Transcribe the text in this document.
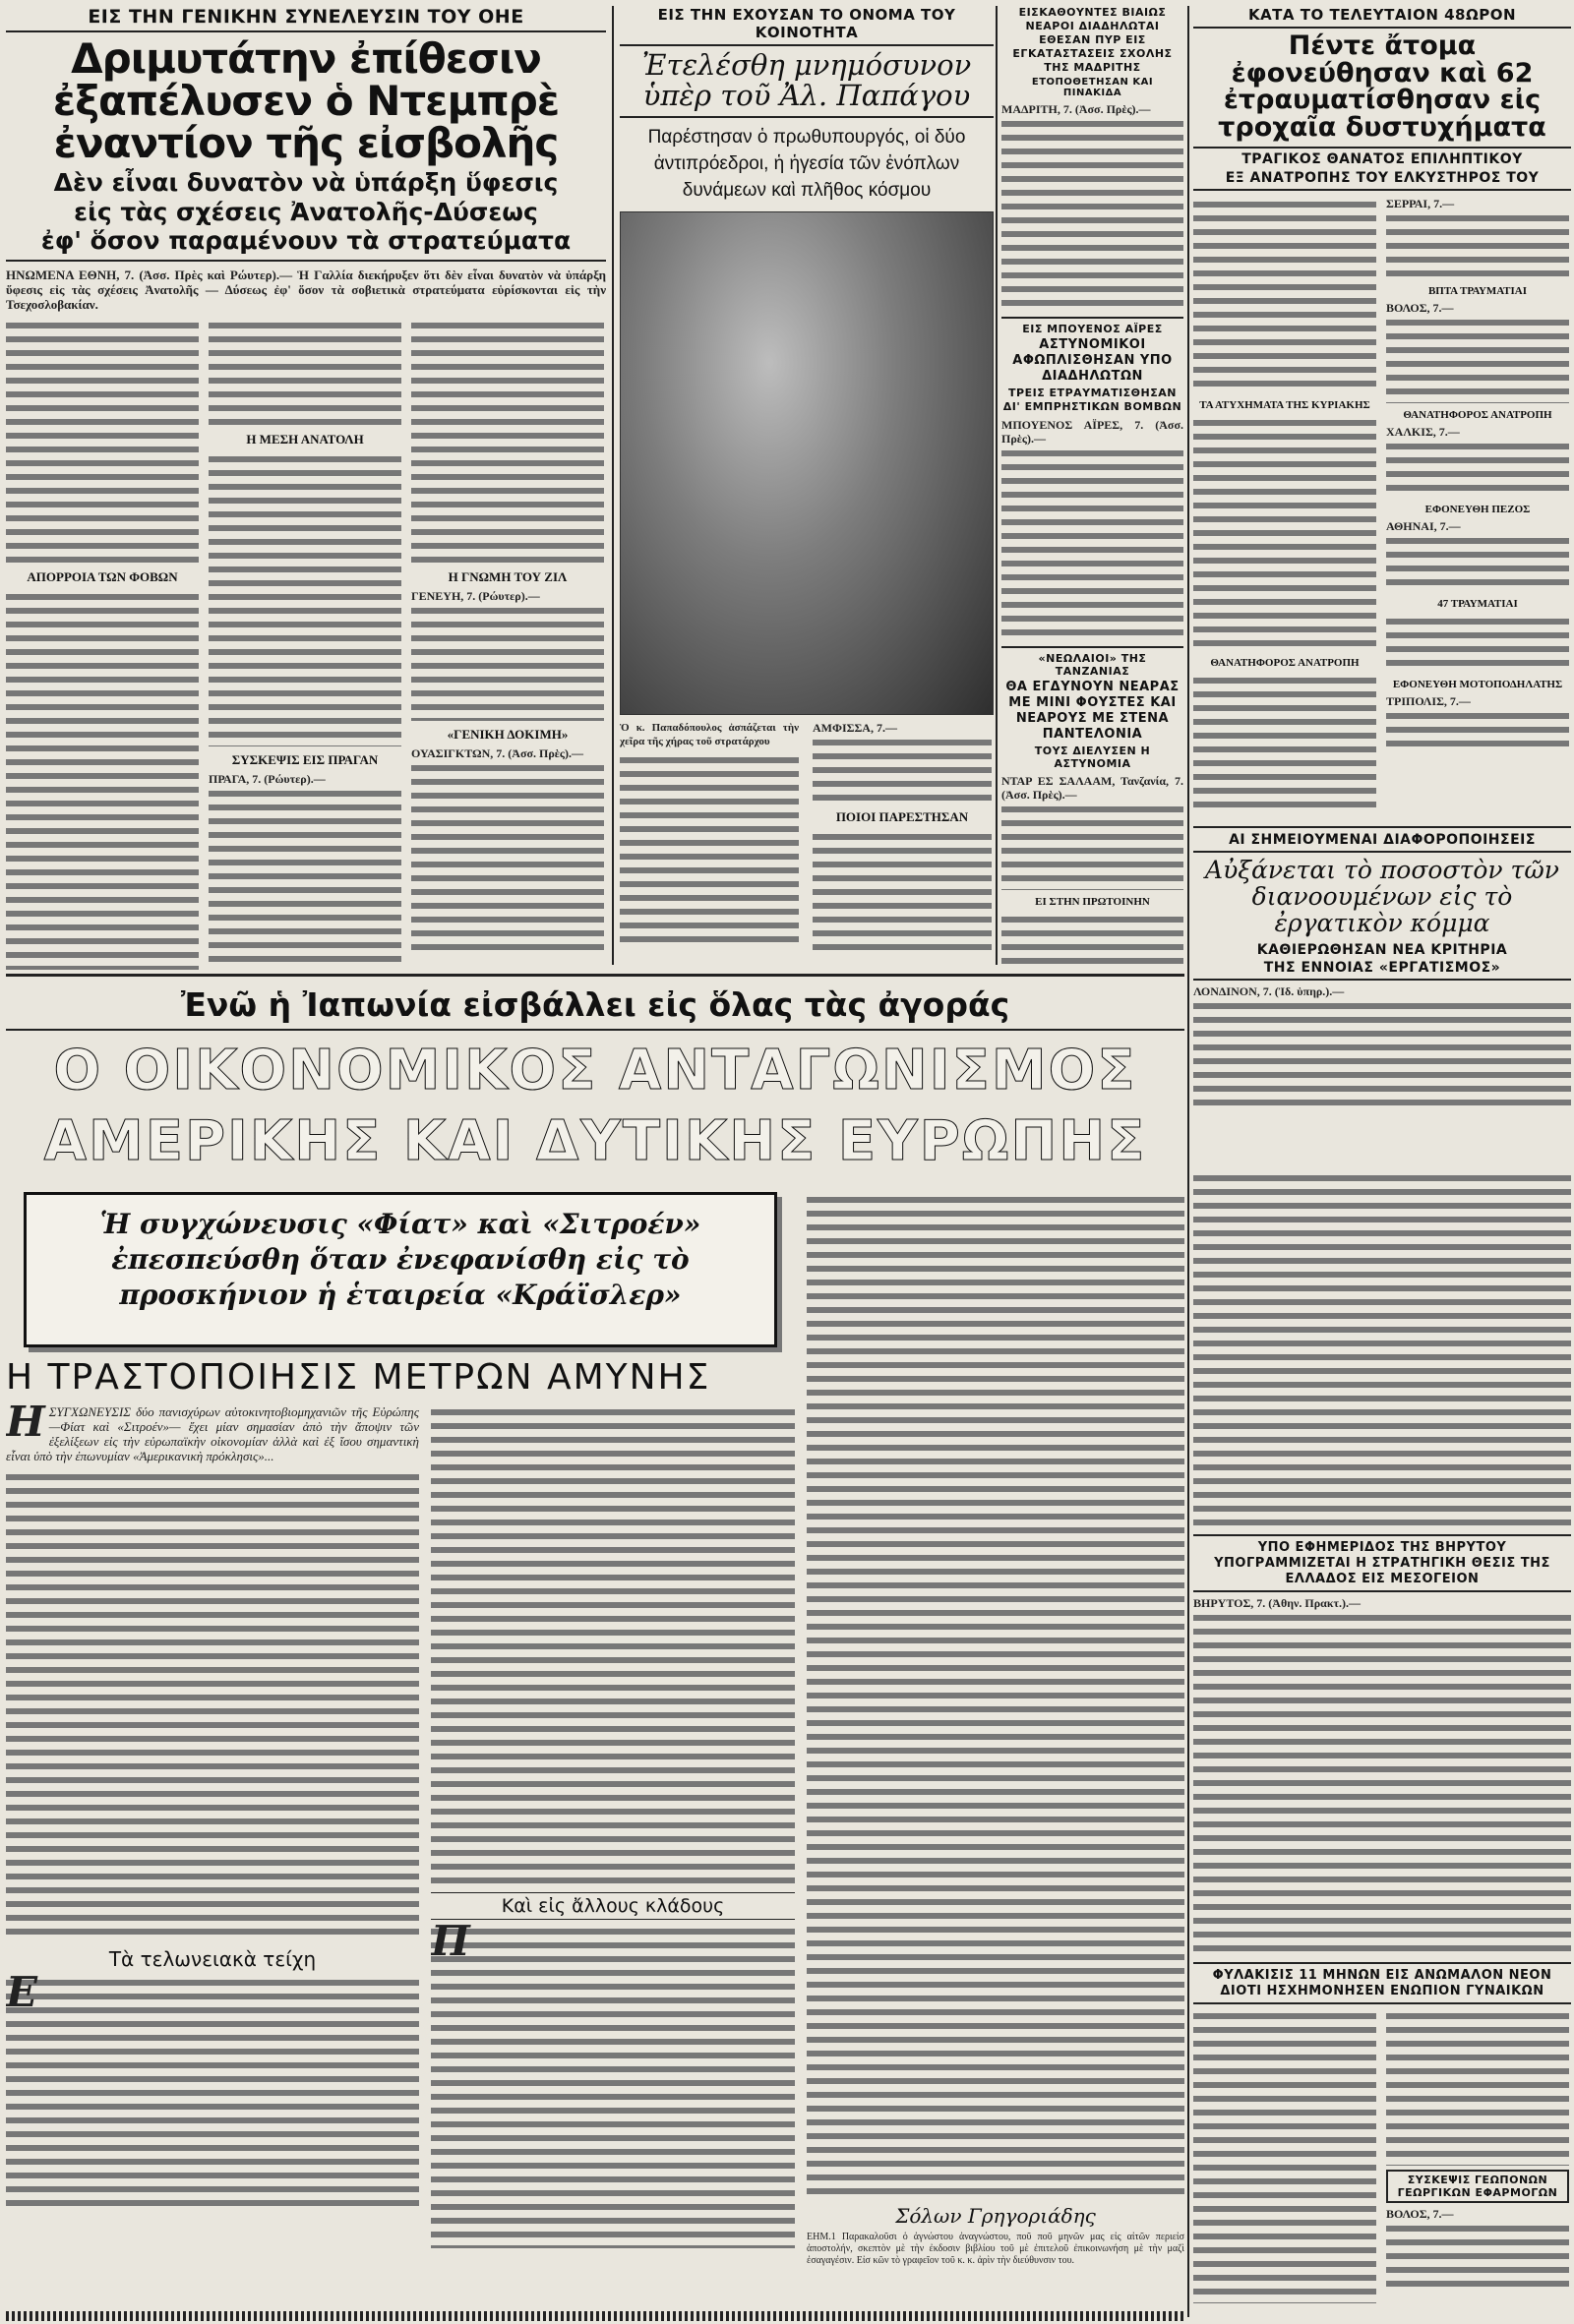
ΕΙΣ ΤΗΝ ΓΕΝΙΚΗΝ ΣΥΝΕΛΕΥΣΙΝ ΤΟΥ ΟΗΕ
Δριμυτάτην ἐπίθεσιν ἐξαπέλυσεν ὁ Ντεμπρὲ ἐναντίον τῆς εἰσβολῆς
Δὲν εἶναι δυνατὸν νὰ ὑπάρξη ὕφεσις
εἰς τὰς σχέσεις Ἀνατολῆς-Δύσεως
ἐφ' ὅσον παραμένουν τὰ στρατεύματα
ΗΝΩΜΕΝΑ ΕΘΝΗ, 7. (Ἀσσ. Πρὲς καὶ Ρώυτερ).— Ἡ Γαλλία διεκήρυξεν ὅτι δὲν εἶναι δυνατὸν νὰ ὑπάρξη ὕφεσις εἰς τὰς σχέσεις Ἀνατολῆς — Δύσεως ἐφ' ὅσον τὰ σοβιετικὰ στρατεύματα εὑρίσκονται εἰς τὴν Τσεχοσλοβακίαν.
ΑΠΟΡΡΟΙΑ ΤΩΝ ΦΟΒΩΝ
Η ΜΕΣΗ ΑΝΑΤΟΛΗ
ΣΥΣΚΕΨΙΣ ΕΙΣ ΠΡΑΓΑΝ
ΠΡΑΓΑ, 7. (Ρώυτερ).—
Η ΓΝΩΜΗ ΤΟΥ ΖΙΛ
ΓΕΝΕΥΗ, 7. (Ρώυτερ).—
«ΓΕΝΙΚΗ ΔΟΚΙΜΗ»
ΟΥΑΣΙΓΚΤΩΝ, 7. (Ἀσσ. Πρὲς).—
ΕΙΣ ΤΗΝ ΕΧΟΥΣΑΝ ΤΟ ΟΝΟΜΑ ΤΟΥ ΚΟΙΝΟΤΗΤΑ
Ἐτελέσθη μνημόσυνον ὑπὲρ τοῦ Ἀλ. Παπάγου
Παρέστησαν ὁ πρωθυπουργός, οἱ δύο ἀντιπρόεδροι, ἡ ἡγεσία τῶν ἐνόπλων δυνάμεων καὶ πλῆθος κόσμου
Ὁ κ. Παπαδόπουλος ἀσπάζεται τὴν χεῖρα τῆς χήρας τοῦ στρατάρχου
ΑΜΦΙΣΣΑ, 7.—
ΠΟΙΟΙ ΠΑΡΕΣΤΗΣΑΝ
ΕΙΣΚΑΘΟΥΝΤΕΣ ΒΙΑΙΩΣ ΝΕΑΡΟΙ ΔΙΑΔΗΛΩΤΑΙ ΕΘΕΣΑΝ ΠΥΡ ΕΙΣ ΕΓΚΑΤΑΣΤΑΣΕΙΣ ΣΧΟΛΗΣ ΤΗΣ ΜΑΔΡΙΤΗΣ
ΕΤΟΠΟΘΕΤΗΣΑΝ ΚΑΙ ΠΙΝΑΚΙΔΑ
ΜΑΔΡΙΤΗ, 7. (Ἀσσ. Πρὲς).—
ΕΙΣ ΜΠΟΥΕΝΟΣ ΑΪΡΕΣ
ΑΣΤΥΝΟΜΙΚΟΙ ΑΦΩΠΛΙΣΘΗΣΑΝ ΥΠΟ ΔΙΑΔΗΛΩΤΩΝ
ΤΡΕΙΣ ΕΤΡΑΥΜΑΤΙΣΘΗΣΑΝ ΔΙ' ΕΜΠΡΗΣΤΙΚΩΝ ΒΟΜΒΩΝ
ΜΠΟΥΕΝΟΣ ΑΪΡΕΣ, 7. (Ἀσσ. Πρὲς).—
«ΝΕΩΛΑΙΟΙ» ΤΗΣ ΤΑΝΖΑΝΙΑΣ
ΘΑ ΕΓΔΥΝΟΥΝ ΝΕΑΡΑΣ ΜΕ ΜΙΝΙ ΦΟΥΣΤΕΣ ΚΑΙ ΝΕΑΡΟΥΣ ΜΕ ΣΤΕΝΑ ΠΑΝΤΕΛΟΝΙΑ
ΤΟΥΣ ΔΙΕΛΥΣΕΝ Η ΑΣΤΥΝΟΜΙΑ
ΝΤΑΡ ΕΣ ΣΑΛΑΑΜ, Τανζανία, 7. (Ἀσσ. Πρὲς).—
ΕΙ ΣΤΗΝ ΠΡΩΤΟΙΝΗΝ
ΚΑΤΑ ΤΟ ΤΕΛΕΥΤΑΙΟΝ 48ΩΡΟΝ
Πέντε ἄτομα ἐφονεύθησαν καὶ 62 ἐτραυματίσθησαν εἰς τροχαῖα δυστυχήματα
ΤΡΑΓΙΚΟΣ ΘΑΝΑΤΟΣ ΕΠΙΛΗΠΤΙΚΟΥ
ΕΞ ΑΝΑΤΡΟΠΗΣ ΤΟΥ ΕΛΚΥΣΤΗΡΟΣ ΤΟΥ
ΤΑ ΑΤΥΧΗΜΑΤΑ ΤΗΣ ΚΥΡΙΑΚΗΣ
ΘΑΝΑΤΗΦΟΡΟΣ ΑΝΑΤΡΟΠΗ
ΣΕΡΡΑΙ, 7.—
ΒΠΤΑ ΤΡΑΥΜΑΤΙΑΙ
ΒΟΛΟΣ, 7.—
ΘΑΝΑΤΗΦΟΡΟΣ ΑΝΑΤΡΟΠΗ
ΧΑΛΚΙΣ, 7.—
ΕΦΟΝΕΥΘΗ ΠΕΖΟΣ
ΑΘΗΝΑΙ, 7.—
47 ΤΡΑΥΜΑΤΙΑΙ
ΕΦΟΝΕΥΘΗ ΜΟΤΟΠΟΔΗΛΑΤΗΣ
ΤΡΙΠΟΛΙΣ, 7.—
ΑΙ ΣΗΜΕΙΟΥΜΕΝΑΙ ΔΙΑΦΟΡΟΠΟΙΗΣΕΙΣ
Αὐξάνεται τὸ ποσοστὸν τῶν διανοουμένων εἰς τὸ ἐργατικὸν κόμμα
ΚΑΘΙΕΡΩΘΗΣΑΝ ΝΕΑ ΚΡΙΤΗΡΙΑ
ΤΗΣ ΕΝΝΟΙΑΣ «ΕΡΓΑΤΙΣΜΟΣ»
ΛΟΝΔΙΝΟΝ, 7. (Ἰδ. ὑπηρ.).—
ΥΠΟ ΕΦΗΜΕΡΙΔΟΣ ΤΗΣ ΒΗΡΥΤΟΥ ΥΠΟΓΡΑΜΜΙΖΕΤΑΙ Η ΣΤΡΑΤΗΓΙΚΗ ΘΕΣΙΣ ΤΗΣ ΕΛΛΑΔΟΣ ΕΙΣ ΜΕΣΟΓΕΙΟΝ
ΒΗΡΥΤΟΣ, 7. (Ἀθην. Πρακτ.).—
ΦΥΛΑΚΙΣΙΣ 11 ΜΗΝΩΝ ΕΙΣ ΑΝΩΜΑΛΟΝ ΝΕΟΝ ΔΙΟΤΙ ΗΣΧΗΜΟΝΗΣΕΝ ΕΝΩΠΙΟΝ ΓΥΝΑΙΚΩΝ
ΣΥΣΚΕΨΙΣ ΓΕΩΠΟΝΩΝ ΓΕΩΡΓΙΚΩΝ ΕΦΑΡΜΟΓΩΝ
ΒΟΛΟΣ, 7.—
Ἐνῶ ἡ Ἰαπωνία εἰσβάλλει εἰς ὅλας τὰς ἀγοράς
Ο ΟΙΚΟΝΟΜΙΚΟΣ ΑΝΤΑΓΩΝΙΣΜΟΣ
ΑΜΕΡΙΚΗΣ ΚΑΙ ΔΥΤΙΚΗΣ ΕΥΡΩΠΗΣ
Ἡ συγχώνευσις «Φίατ» καὶ «Σιτροέν» ἐπεσπεύσθη ὅταν ἐνεφανίσθη εἰς τὸ προσκήνιον ἡ ἑταιρεία «Κράϊσλερ»
Η ΤΡΑΣΤΟΠΟΙΗΣΙΣ ΜΕΤΡΩΝ ΑΜΥΝΗΣ
Η ΣΥΓΧΩΝΕΥΣΙΣ δύο πανισχύρων αὐτοκινητοβιομηχανιῶν τῆς Εὐρώπης —Φίατ καὶ «Σιτροέν»— ἔχει μίαν σημασίαν ἀπὸ τὴν ἄποψιν τῶν ἐξελίξεων εἰς τὴν εὐρωπαϊκὴν οἰκονομίαν ἀλλὰ καὶ ἐξ ἴσου σημαντικὴ εἶναι ὑπὸ τὴν ἐπωνυμίαν «Ἀμερικανικὴ πρόκλησις»...
Τὰ τελωνειακὰ τείχη
Ε
Καὶ εἰς ἄλλους κλάδους
Π
Σόλων Γρηγοριάδης
ΕΗΜ.1 Παρακαλοῦσι ὁ ἀγνώστου ἀναγνώστου, ποῦ ποῦ μηνῶν μας εἰς αἰτῶν περιεἰσ ἀποστολήν, σκεπτὸν μὲ τὴν ἐκδοσιν βιβλίου τοῦ μὲ ἐπιτελοῦ ἐπικοινωνήση μὲ τὴν μαζὶ ἐσαγαγέσιν. Εἰσ κῶν τὸ γραφεῖον τοῦ κ. κ. ἀρὶν τὴν διεύθυνσιν του.
